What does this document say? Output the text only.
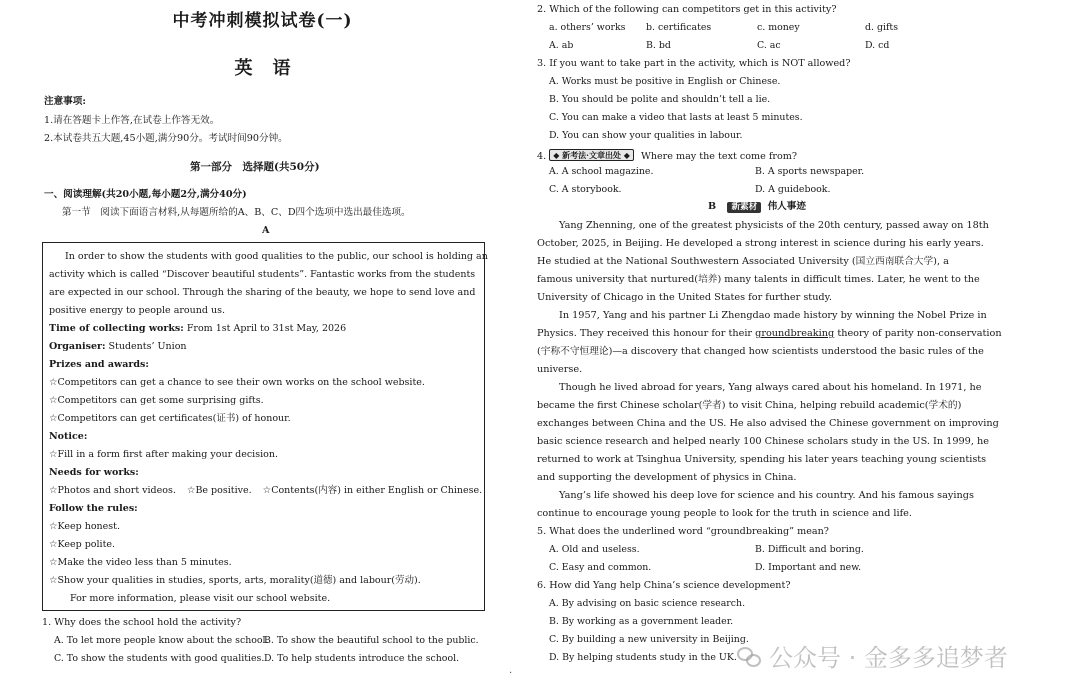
中考冲刺模拟试卷(一)
英语
注意事项:
1.请在答题卡上作答,在试卷上作答无效。
2.本试卷共五大题,45小题,满分90分。考试时间90分钟。
第一部分　选择题(共50分)
一、阅读理解(共20小题,每小题2分,满分40分)
第一节　阅读下面语言材料,从每题所给的A、B、C、D四个选项中选出最佳选项。
A
In order to show the students with good qualities to the public, our school is holding an
activity which is called “Discover beautiful students”. Fantastic works from the students
are expected in our school. Through the sharing of the beauty, we hope to send love and
positive energy to people around us.
Time of collecting works: From 1st April to 31st May, 2026
Organiser: Students’ Union
Prizes and awards:
☆Competitors can get a chance to see their own works on the school website.
☆Competitors can get some surprising gifts.
☆Competitors can get certificates(证书) of honour.
Notice:
☆Fill in a form first after making your decision.
Needs for works:
☆Photos and short videos. ☆Be positive. ☆Contents(内容) in either English or Chinese.
Follow the rules:
☆Keep honest.
☆Keep polite.
☆Make the video less than 5 minutes.
☆Show your qualities in studies, sports, arts, morality(道德) and labour(劳动).
For more information, please visit our school website.
1. Why does the school hold the activity?
A. To let more people know about the school.
B. To show the beautiful school to the public.
C. To show the students with good qualities. D. To help students introduce the school.
·
2. Which of the following can competitors get in this activity?
a. others’ works b. certificates	c. money	d. gifts
A. ab	B. bd	C. ac	D. cd
3. If you want to take part in the activity, which is NOT allowed?
A. Works must be positive in English or Chinese.
B. You should be polite and shouldn’t tell a lie.
C. You can make a video that lasts at least 5 minutes.
D. You can show your qualities in labour.
4. ◆ 新考法·文章出处 ◆ Where may the text come from?
A. A school magazine.	B. A sports newspaper.
C. A storybook.	D. A guidebook.
B 新素材 伟人事迹
Yang Zhenning, one of the greatest physicists of the 20th century, passed away on 18th
October, 2025, in Beijing. He developed a strong interest in science during his early years.
He studied at the National Southwestern Associated University (国立西南联合大学), a
famous university that nurtured(培养) many talents in difficult times. Later, he went to the
University of Chicago in the United States for further study.
In 1957, Yang and his partner Li Zhengdao made history by winning the Nobel Prize in
Physics. They received this honour for their groundbreaking theory of parity non-conservation
(宇称不守恒理论)—a discovery that changed how scientists understood the basic rules of the
universe.
Though he lived abroad for years, Yang always cared about his homeland. In 1971, he
became the first Chinese scholar(学者) to visit China, helping rebuild academic(学术的)
exchanges between China and the US. He also advised the Chinese government on improving
basic science research and helped nearly 100 Chinese scholars study in the US. In 1999, he
returned to work at Tsinghua University, spending his later years teaching young scientists
and supporting the development of physics in China.
Yang’s life showed his deep love for science and his country. And his famous sayings
continue to encourage young people to look for the truth in science and life.
5. What does the underlined word “groundbreaking” mean?
A. Old and useless.	B. Difficult and boring.
C. Easy and common.	D. Important and new.
6. How did Yang help China’s science development?
A. By advising on basic science research.
B. By working as a government leader.
C. By building a new university in Beijing.
D. By helping students study in the UK.	公众号 · 金多多追梦者
